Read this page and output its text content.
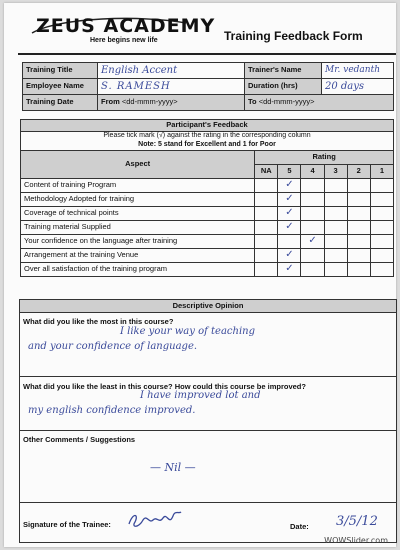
ZEUS ACADEMY
Here begins new life	Training Feedback Form
Training Title	English Accent	Trainer's Name	Mr. vedanth
Employee Name	S. RAMESH	Duration (hrs)	20 days
Training Date	From <dd-mmm-yyyy>	To <dd-mmm-yyyy>	
Participant's Feedback						

Please tick mark (√) against the rating in the corresponding column
Note: 5 stand for Excellent and 1 for Poor						

Aspect	Rating					
	NA	5	4	3	2	1
Content of training Program		✓				
Methodology Adopted for training		✓				
Coverage of technical points		✓				
Training material Supplied		✓				
Your confidence on the language after training			✓			
Arrangement at the training Venue		✓				
Over all satisfaction of the training program		✓				
Descriptive Opinion
What did you like the most in this course?
I like your way of teaching
and your confidence of language.
What did you like the least in this course? How could this course be improved?
I have improved lot and
my english confidence improved.
Other Comments / Suggestions
— Nil —
Signature of the Trainee:	Date: 3/5/12
WOWSlider.com
